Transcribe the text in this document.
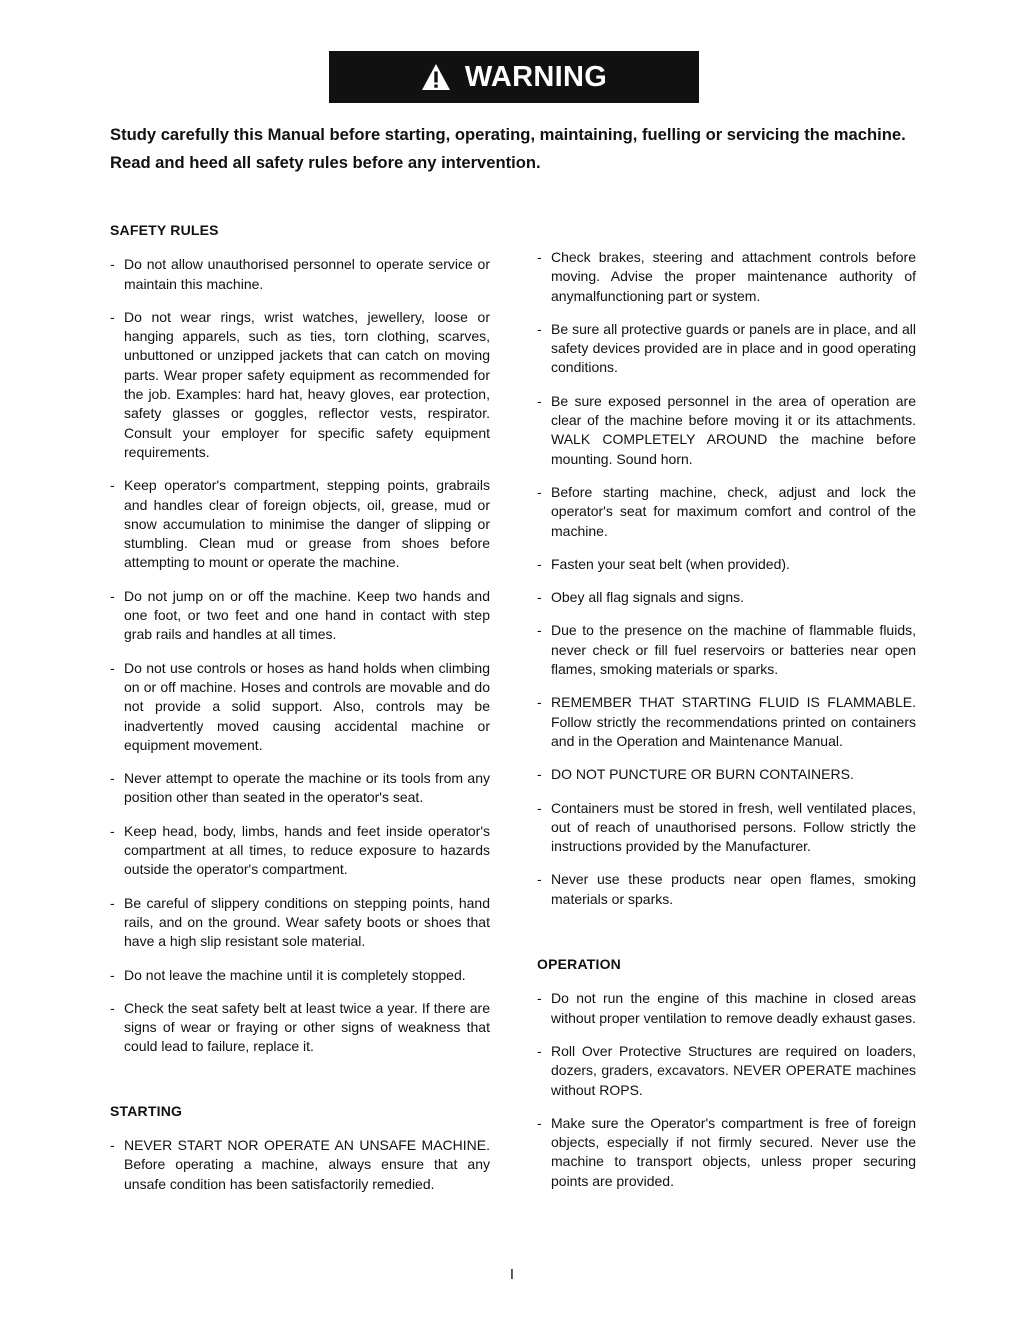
WARNING

Study carefully this Manual before starting, operating, maintaining, fuelling or servicing the machine.

Read and heed all safety rules before any intervention.

SAFETY RULES
- Do not allow unauthorised personnel to operate service or maintain this machine.
- Do not wear rings, wrist watches, jewellery, loose or hanging apparels, such as ties, torn clothing, scarves, unbuttoned or unzipped jackets that can catch on moving parts. Wear proper safety equipment as recommended for the job. Examples: hard hat, heavy gloves, ear protection, safety glasses or goggles, reflector vests, respirator. Consult your employer for specific safety equipment requirements.
- Keep operator's compartment, stepping points, grabrails and handles clear of foreign objects, oil, grease, mud or snow accumulation to minimise the danger of slipping or stumbling. Clean mud or grease from shoes before attempting to mount or operate the machine.
- Do not jump on or off the machine. Keep two hands and one foot, or two feet and one hand in contact with step grab rails and handles at all times.
- Do not use controls or hoses as hand holds when climbing on or off machine. Hoses and controls are movable and do not provide a solid support. Also, controls may be inadvertently moved causing accidental machine or equipment movement.
- Never attempt to operate the machine or its tools from any position other than seated in the operator's seat.
- Keep head, body, limbs, hands and feet inside operator's compartment at all times, to reduce exposure to hazards outside the operator's compartment.
- Be careful of slippery conditions on stepping points, hand rails, and on the ground. Wear safety boots or shoes that have a high slip resistant sole material.
- Do not leave the machine until it is completely stopped.
- Check the seat safety belt at least twice a year. If there are signs of wear or fraying or other signs of weakness that could lead to failure, replace it.
STARTING
- NEVER START NOR OPERATE AN UNSAFE MACHINE. Before operating a machine, always ensure that any unsafe condition has been satisfactorily remedied.
- Check brakes, steering and attachment controls before moving. Advise the proper maintenance authority of anymalfunctioning part or system.
- Be sure all protective guards or panels are in place, and all safety devices provided are in place and in good operating conditions.
- Be sure exposed personnel in the area of operation are clear of the machine before moving it or its attachments. WALK COMPLETELY AROUND the machine before mounting. Sound horn.
- Before starting machine, check, adjust and lock the operator's seat for maximum comfort and control of the machine.
- Fasten your seat belt (when provided).
- Obey all flag signals and signs.
- Due to the presence on the machine of flammable fluids, never check or fill fuel reservoirs or batteries near open flames, smoking materials or sparks.
- REMEMBER THAT STARTING FLUID IS FLAMMABLE. Follow strictly the recommendations printed on containers and in the Operation and Maintenance Manual.
- DO NOT PUNCTURE OR BURN CONTAINERS.
- Containers must be stored in fresh, well ventilated places, out of reach of unauthorised persons. Follow strictly the instructions provided by the Manufacturer.
- Never use these products near open flames, smoking materials or sparks.
OPERATION
- Do not run the engine of this machine in closed areas without proper ventilation to remove deadly exhaust gases.
- Roll Over Protective Structures are required on loaders, dozers, graders, excavators. NEVER OPERATE machines without ROPS.
- Make sure the Operator's compartment is free of foreign objects, especially if not firmly secured. Never use the machine to transport objects, unless proper securing points are provided.
I
